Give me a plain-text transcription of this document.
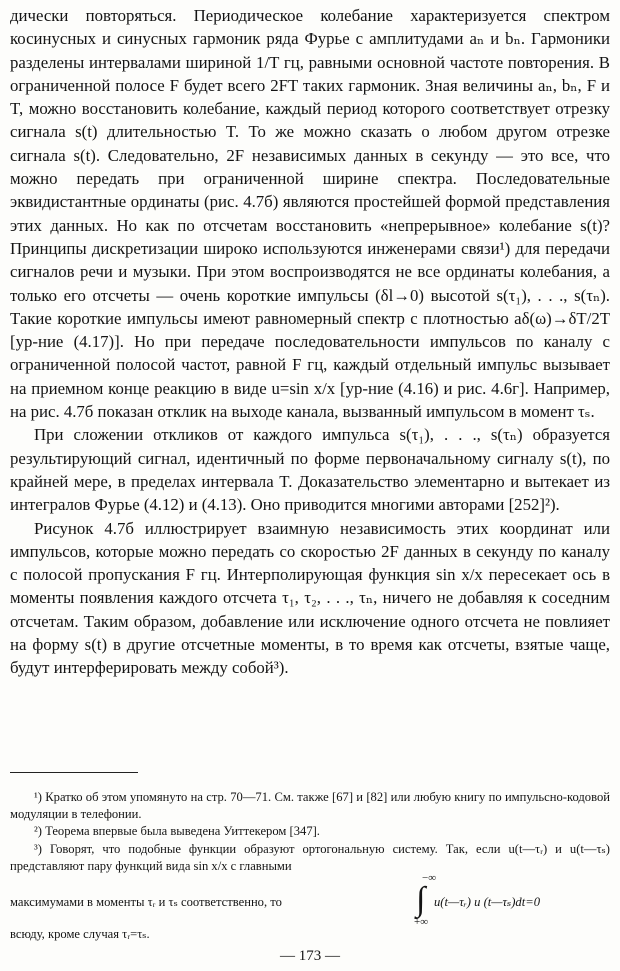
дически повторяться. Периодическое колебание характеризуется спектром косинусных и синусных гармоник ряда Фурье с амплитудами aₙ и bₙ. Гармоники разделены интервалами шириной 1/T гц, равными основной частоте повторения. В ограниченной полосе F будет всего 2FT таких гармоник. Зная величины aₙ, bₙ, F и T, можно восстановить колебание, каждый период которого соответствует отрезку сигнала s(t) длительностью T. То же можно сказать о любом другом отрезке сигнала s(t). Следовательно, 2F независимых данных в секунду — это все, что можно передать при ограниченной ширине спектра. Последовательные эквидистантные ординаты (рис. 4.7б) являются простейшей формой представления этих данных. Но как по отсчетам восстановить «непрерывное» колебание s(t)? Принципы дискретизации широко используются инженерами связи¹) для передачи сигналов речи и музыки. При этом воспроизводятся не все ординаты колебания, а только его отсчеты — очень короткие импульсы (δl→0) высотой s(τ₁), . . ., s(τₙ). Такие короткие импульсы имеют равномерный спектр с плотностью aδ(ω)→δT/2T [ур-ние (4.17)]. Но при передаче последовательности импульсов по каналу с ограниченной полосой частот, равной F гц, каждый отдельный импульс вызывает на приемном конце реакцию в виде u=sin x/x [ур-ние (4.16) и рис. 4.6г]. Например, на рис. 4.7б показан отклик на выходе канала, вызванный импульсом в момент τₛ.

При сложении откликов от каждого импульса s(τ₁), . . ., s(τₙ) образуется результирующий сигнал, идентичный по форме первоначальному сигналу s(t), по крайней мере, в пределах интервала T. Доказательство элементарно и вытекает из интегралов Фурье (4.12) и (4.13). Оно приводится многими авторами [252]²).

Рисунок 4.7б иллюстрирует взаимную независимость этих координат или импульсов, которые можно передать со скоростью 2F данных в секунду по каналу с полосой пропускания F гц. Интерполирующая функция sin x/x пересекает ось в моменты появления каждого отсчета τ₁, τ₂, . . ., τₙ, ничего не добавляя к соседним отсчетам. Таким образом, добавление или исключение одного отсчета не повлияет на форму s(t) в другие отсчетные моменты, в то время как отсчеты, взятые чаще, будут интерферировать между собой³).

¹) Кратко об этом упомянуто на стр. 70—71. См. также [67] и [82] или любую книгу по импульсно-кодовой модуляции в телефонии.

²) Теорема впервые была выведена Уиттекером [347].

³) Говорят, что подобные функции образуют ортогональную систему. Так, если u(t—τᵣ) и u(t—τₛ) представляют пару функций вида sin x/x с главными

максимумами в моменты τᵣ и τₛ соответственно, то
−∞
∫
+∞
u(t—τᵣ) и (t—τₛ)dt=0
всюду, кроме случая τᵣ=τₛ.
— 173 —
